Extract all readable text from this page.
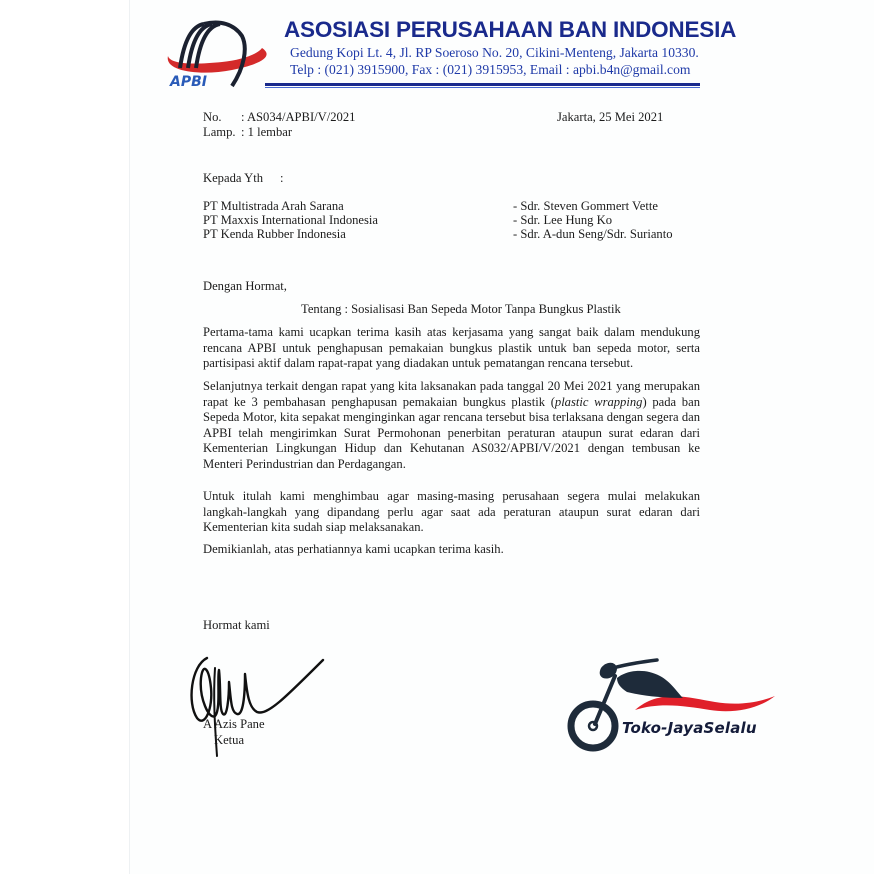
APBI
ASOSIASI PERUSAHAAN BAN INDONESIA
Gedung Kopi Lt. 4, Jl. RP Soeroso No. 20, Cikini-Menteng, Jakarta 10330.
Telp : (021) 3915900, Fax : (021) 3915953, Email : apbi.b4n@gmail.com
No. : AS034/APBI/V/2021
Lamp. : 1 lembar
Jakarta, 25 Mei 2021
Kepada Yth :
PT Multistrada Arah Sarana
PT Maxxis International Indonesia
PT Kenda Rubber Indonesia
- Sdr. Steven Gommert Vette
- Sdr. Lee Hung Ko
- Sdr. A-dun Seng/Sdr. Surianto
Dengan Hormat,
Tentang : Sosialisasi Ban Sepeda Motor Tanpa Bungkus Plastik
Pertama-tama kami ucapkan terima kasih atas kerjasama yang sangat baik dalam mendukung rencana APBI untuk penghapusan pemakaian bungkus plastik untuk ban sepeda motor, serta partisipasi aktif dalam rapat-rapat yang diadakan untuk pematangan rencana tersebut.
Selanjutnya terkait dengan rapat yang kita laksanakan pada tanggal 20 Mei 2021 yang merupakan rapat ke 3 pembahasan penghapusan pemakaian bungkus plastik (plastic wrapping) pada ban Sepeda Motor, kita sepakat menginginkan agar rencana tersebut bisa terlaksana dengan segera dan APBI telah mengirimkan Surat Permohonan penerbitan peraturan ataupun surat edaran dari Kementerian Lingkungan Hidup dan Kehutanan AS032/APBI/V/2021 dengan tembusan ke Menteri Perindustrian dan Perdagangan.
Untuk itulah kami menghimbau agar masing-masing perusahaan segera mulai melakukan langkah-langkah yang dipandang perlu agar saat ada peraturan ataupun surat edaran dari Kementerian kita sudah siap melaksanakan.
Demikianlah, atas perhatiannya kami ucapkan terima kasih.
Hormat kami
A Azis Pane
Ketua
Toko-JayaSelalu
